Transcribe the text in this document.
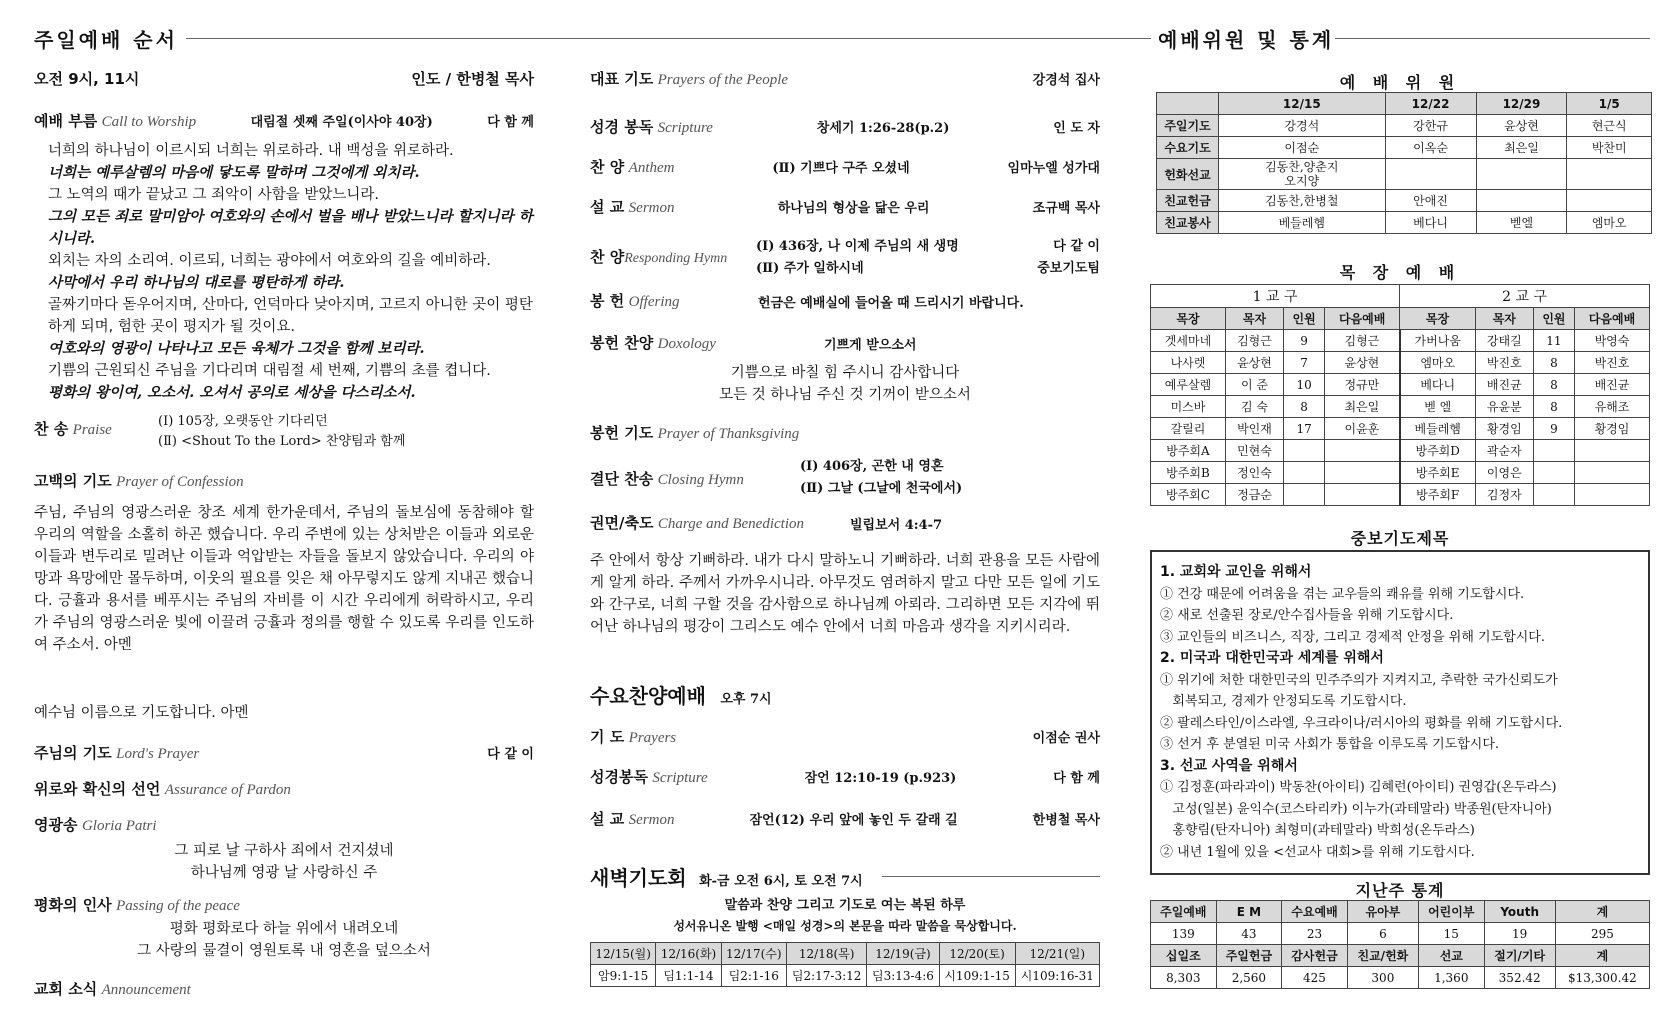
주일예배 순서	예배위원 및 통계
오전 9시, 11시	인도 / 한병철 목사
예배 부름 Call to Worship	대림절 셋째 주일(이사야 40장)	다 함 께
너희의 하나님이 이르시되 너희는 위로하라. 내 백성을 위로하라.
너희는 예루살렘의 마음에 닿도록 말하며 그것에게 외치라.
그 노역의 때가 끝났고 그 죄악이 사함을 받았느니라.
그의 모든 죄로 말미암아 여호와의 손에서 벌을 배나 받았느니라 할지니라 하시니라.
외치는 자의 소리여. 이르되, 너희는 광야에서 여호와의 길을 예비하라.
사막에서 우리 하나님의 대로를 평탄하게 하라.
골짜기마다 돋우어지며, 산마다, 언덕마다 낮아지며, 고르지 아니한 곳이 평탄하게 되며, 험한 곳이 평지가 될 것이요.
여호와의 영광이 나타나고 모든 육체가 그것을 함께 보리라.
기쁨의 근원되신 주님을 기다리며 대림절 세 번째, 기쁨의 초를 켭니다.
평화의 왕이여, 오소서. 오셔서 공의로 세상을 다스리소서.
찬 송 Praise
(Ⅰ) 105장, 오랫동안 기다리던
(Ⅱ) <Shout To the Lord> 찬양팀과 함께
고백의 기도 Prayer of Confession
주님, 주님의 영광스러운 창조 세계 한가운데서, 주님의 돌보심에 동참해야 할 우리의 역할을 소홀히 하곤 했습니다. 우리 주변에 있는 상처받은 이들과 외로운 이들과 변두리로 밀려난 이들과 억압받는 자들을 돌보지 않았습니다. 우리의 야망과 욕망에만 몰두하며, 이웃의 필요를 잊은 채 아무렇지도 않게 지내곤 했습니다. 긍휼과 용서를 베푸시는 주님의 자비를 이 시간 우리에게 허락하시고, 우리가 주님의 영광스러운 빛에 이끌려 긍휼과 정의를 행할 수 있도록 우리를 인도하여 주소서. 아멘
예수님 이름으로 기도합니다. 아멘
주님의 기도 Lord's Prayer	다 같 이
위로와 확신의 선언 Assurance of Pardon
영광송 Gloria Patri
그 피로 날 구하사 죄에서 건지셨네
하나님께 영광 날 사랑하신 주
평화의 인사 Passing of the peace
평화 평화로다 하늘 위에서 내려오네
그 사랑의 물결이 영원토록 내 영혼을 덮으소서
교회 소식 Announcement
대표 기도 Prayers of the People	강경석 집사
성경 봉독 Scripture	창세기 1:26-28(p.2)	인 도 자
찬 양 Anthem	(Ⅱ) 기쁘다 구주 오셨네	임마누엘 성가대
설 교 Sermon	하나님의 형상을 닮은 우리	조규백 목사
찬 양Responding Hymn
(Ⅰ) 436장, 나 이제 주님의 새 생명	다 같 이
(Ⅱ) 주가 일하시네	중보기도팀
봉 헌 Offering	헌금은 예배실에 들어올 때 드리시기 바랍니다.
봉헌 찬양 Doxology	기쁘게 받으소서
기쁨으로 바칠 힘 주시니 감사합니다
모든 것 하나님 주신 것 기꺼이 받으소서
봉헌 기도 Prayer of Thanksgiving
결단 찬송 Closing Hymn
(Ⅰ) 406장, 곤한 내 영혼
(Ⅱ) 그날 (그날에 천국에서)
권면/축도 Charge and Benediction	빌립보서 4:4-7
주 안에서 항상 기뻐하라. 내가 다시 말하노니 기뻐하라. 너희 관용을 모든 사람에게 알게 하라. 주께서 가까우시니라. 아무것도 염려하지 말고 다만 모든 일에 기도와 간구로, 너희 구할 것을 감사함으로 하나님께 아뢰라. 그리하면 모든 지각에 뛰어난 하나님의 평강이 그리스도 예수 안에서 너희 마음과 생각을 지키시리라.
수요찬양예배 오후 7시
기 도 Prayers	이점순 권사
성경봉독 Scripture	잠언 12:10-19 (p.923)	다 함 께
설 교 Sermon	잠언(12) 우리 앞에 놓인 두 갈래 길	한병철 목사
새벽기도회 화-금 오전 6시, 토 오전 7시
말씀과 찬양 그리고 기도로 여는 복된 하루
성서유니온 발행 <매일 성경>의 본문을 따라 말씀을 묵상합니다.
12/15(월)	12/16(화)	12/17(수)	12/18(목)	12/19(금)	12/20(토)	12/21(일)
암9:1-15	딤1:1-14	딤2:1-16	딤2:17-3:12	딤3:13-4:6	시109:1-15	시109:16-31
예 배 위 원
	12/15	12/22	12/29	1/5
주일기도	강경석	강한규	윤상현	현근식
수요기도	이점순	이옥순	최은일	박찬미
헌화선교	김동찬,양춘지
오지양			
친교헌금	김동찬,한병철	안애진		
친교봉사	베들레헴	베다니	벧엘	엠마오
목 장 예 배
1 교 구				2 교 구			
목장	목자	인원	다음예배	목장	목자	인원	다음예배
겟세마네	김형근	9	김형근	가버나움	강태길	11	박영숙
나사렛	윤상현	7	윤상현	엠마오	박진호	8	박진호
예루살렘	이 준	10	정규만	베다니	배진균	8	배진균
미스바	김 숙	8	최은일	벧 엘	유윤분	8	유해조
갈릴리	박인재	17	이윤훈	베들레헴	황경임	9	황경임
방주회A	민현숙			방주회D	곽순자		
방주회B	정인숙			방주회E	이영은		
방주회C	정금순			방주회F	김정자		
중보기도제목
1. 교회와 교인을 위해서
① 건강 때문에 어려움을 겪는 교우들의 쾌유를 위해 기도합시다.
② 새로 선출된 장로/안수집사들을 위해 기도합시다.
③ 교인들의 비즈니스, 직장, 그리고 경제적 안정을 위해 기도합시다.
2. 미국과 대한민국과 세계를 위해서
① 위기에 처한 대한민국의 민주주의가 지켜지고, 추락한 국가신뢰도가
회복되고, 경제가 안정되도록 기도합시다.
② 팔레스타인/이스라엘, 우크라이나/러시아의 평화를 위해 기도합시다.
③ 선거 후 분열된 미국 사회가 통합을 이루도록 기도합시다.
3. 선교 사역을 위해서
① 김정훈(파라과이) 박동찬(아이티) 김혜런(아이티) 권영갑(온두라스)
고성(일본) 윤익수(코스타리카) 이누가(과테말라) 박종원(탄자니아)
홍향림(탄자니아) 최형미(과테말라) 박희성(온두라스)
② 내년 1월에 있을 <선교사 대회>를 위해 기도합시다.
지난주 통계
주일예배	E M	수요예배	유아부	어린이부	Youth	계
139	43	23	6	15	19	295
십일조	주일헌금	감사헌금	친교/헌화	선교	절기/기타	계
8,303	2,560	425	300	1,360	352.42	$13,300.42
